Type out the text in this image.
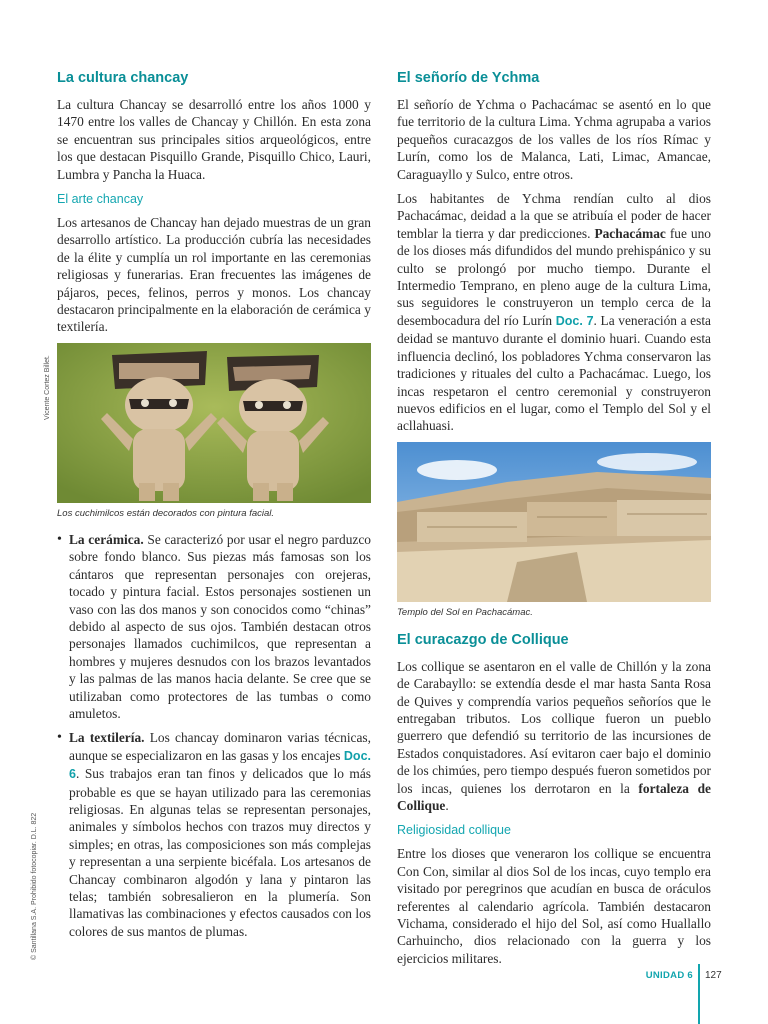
La cultura chancay

La cultura Chancay se desarrolló entre los años 1000 y 1470 entre los valles de Chancay y Chillón. En esta zona se encuentran sus principales sitios arqueológicos, entre los que destacan Pisquillo Grande, Pisquillo Chico, Lauri, Lumbra y Pancha la Huaca.

El arte chancay

Los artesanos de Chancay han dejado muestras de un gran desarrollo artístico. La producción cubría las necesidades de la élite y cumplía un rol importante en las ceremonias religiosas y funerarias. Eran frecuentes las imágenes de pájaros, peces, felinos, perros y monos. Los chancay destacaron principalmente en la elaboración de cerámica y textilería.

Los cuchimilcos están decorados con pintura facial.

• La cerámica. Se caracterizó por usar el negro parduzco sobre fondo blanco. Sus piezas más famosas son los cántaros que representan personajes con orejeras, tocado y pintura facial. Estos personajes sostienen un vaso con las dos manos y son conocidos como “chinas” debido al aspecto de sus ojos. También destacan otros personajes llamados cuchimilcos, que representan a hombres y mujeres desnudos con los brazos levantados y las palmas de las manos hacia delante. Se cree que se utilizaban como protectores de las tumbas o como amuletos.

• La textilería. Los chancay dominaron varias técnicas, aunque se especializaron en las gasas y los encajes Doc. 6. Sus trabajos eran tan finos y delicados que lo más probable es que se hayan utilizado para las ceremonias religiosas. En algunas telas se representan personajes, animales y símbolos hechos con trazos muy directos y simples; en otras, las composiciones son más complejas y representan a una serpiente bicéfala. Los artesanos de Chancay combinaron algodón y lana y pintaron las telas; también sobresalieron en la plumería. Son llamativas las combinaciones y efectos causados con los colores de sus mantos de plumas.

Vicente Cortez Billet.
© Santillana S.A. Prohibido fotocopiar. D.L. 822
El señorío de Ychma

El señorío de Ychma o Pachacámac se asentó en lo que fue territorio de la cultura Lima. Ychma agrupaba a varios pequeños curacazgos de los valles de los ríos Rímac y Lurín, como los de Malanca, Lati, Limac, Amancae, Caraguayllo y Sulco, entre otros.

Los habitantes de Ychma rendían culto al dios Pachacámac, deidad a la que se atribuía el poder de hacer temblar la tierra y dar predicciones. Pachacámac fue uno de los dioses más difundidos del mundo prehispánico y su culto se prolongó por mucho tiempo. Durante el Intermedio Temprano, en pleno auge de la cultura Lima, sus seguidores le construyeron un templo cerca de la desembocadura del río Lurín Doc. 7. La veneración a esta deidad se mantuvo durante el dominio huari. Cuando esta influencia declinó, los pobladores Ychma conservaron las tradiciones y rituales del culto a Pachacámac. Luego, los incas respetaron el centro ceremonial y construyeron nuevos edificios en el lugar, como el Templo del Sol y el acllahuasi.

Templo del Sol en Pachacámac.
El curacazgo de Collique

Los collique se asentaron en el valle de Chillón y la zona de Carabayllo: se extendía desde el mar hasta Santa Rosa de Quives y comprendía varios pequeños señoríos que le entregaban tributos. Los collique fueron un pueblo guerrero que defendió su territorio de las incursiones de Estados conquistadores. Así evitaron caer bajo el dominio de los chimúes, pero tiempo después fueron sometidos por los incas, quienes los derrotaron en la fortaleza de Collique.

Religiosidad collique

Entre los dioses que veneraron los collique se encuentra Con Con, similar al dios Sol de los incas, cuyo templo era visitado por peregrinos que acudían en busca de oráculos referentes al calendario agrícola. También destacaron Vichama, considerado el hijo del Sol, así como Huallallo Carhuincho, dios relacionado con la guerra y los ejercicios militares.

UNIDAD 6 127
